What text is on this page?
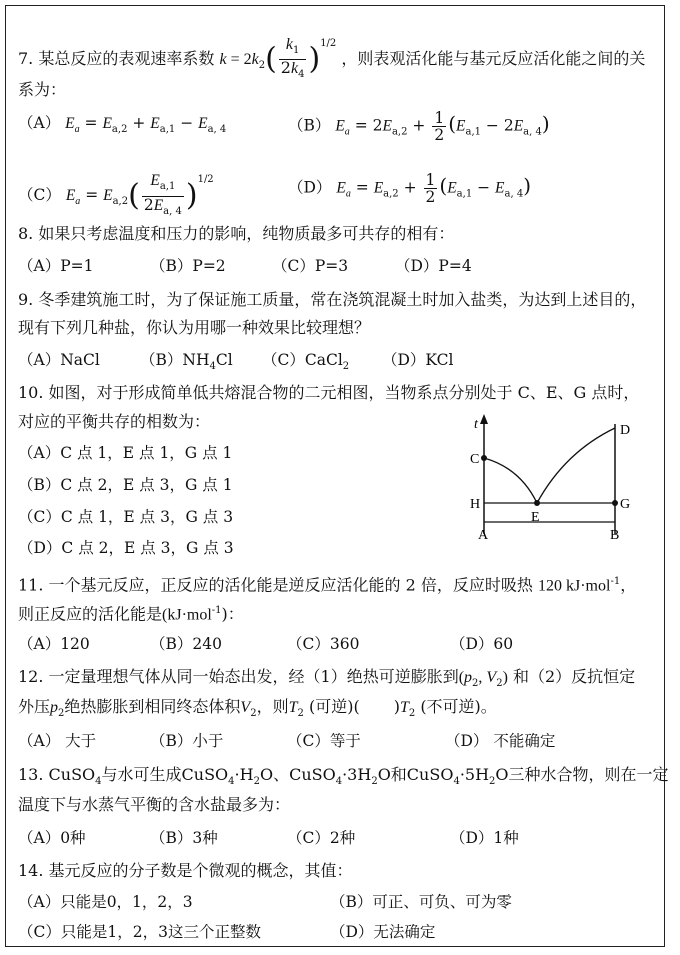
7. 某总反应的表观速率系数 $k = 2k_2( \frac{k_1}{2k_4} )^{1/2}$ ，则表观活化能与基元反应活化能之间的关
系为：
（A） $E_a = E_{a,2} + E_{a,1} - E_{a, 4}$	（B） $E_a = 2E_{a,2} + \frac{1}{2} (E_{a,1} - 2E_{a, 4})$
（C） $E_a = E_{a,2}( \frac{E_{a,1}}{2E_{a, 4}} )^{1/2}$	（D） $E_a = E_{a,2} + \frac{1}{2} (E_{a,1} - E_{a, 4})$
8. 如果只考虑温度和压力的影响，纯物质最多可共存的相有：
（A）P=1	（B）P=2	（C）P=3	（D）P=4
9. 冬季建筑施工时，为了保证施工质量，常在浇筑混凝土时加入盐类，为达到上述目的，
现有下列几种盐，你认为用哪一种效果比较理想？
（A）NaCl	$(B)NH_4Cl$ （C）CaCl$_2$ （D）KCl
10. 如图，对于形成简单低共熔混合物的二元相图，当物系点分别处于 C、E、G 点时，
对应的平衡共存的相数为：
（A）C 点 1，E 点 1，G 点 1
（B）C 点 2，E 点 3，G 点 1
（C）C 点 1，E 点 3，G 点 3
（D）C 点 2，E 点 3，G 点 3
t
C
D
H
E
G
A	B
11. 一个基元反应，正反应的活化能是逆反应活化能的 2 倍，反应时吸热 120 kJ·mol$^{-1}$，
则正反应的活化能是(kJ·mol$^{-1}$)：
（A）120	（B）240	（C）360	（D）60
12. 一定量理想气体从同一始态出发，经（1）绝热可逆膨胀到($p_2$, $V_2$) 和（2）反抗恒定
外压$p_2$绝热膨胀到相同终态体积$V_2$，则$T_2$ (可逆)( )$T_2$ (不可逆)。
（A） 大于	（B）小于	（C）等于	（D） 不能确定
13. CuSO$_4$与水可生成$CuSO_4\cdot H_2O$、$CuSO_4\cdot 3H_2O$和$CuSO_4\cdot 5H_2O$三种水合物，则在一定
温度下与水蒸气平衡的含水盐最多为：
（A）0种	（B）3种	（C）2种	（D）1种
14. 基元反应的分子数是个微观的概念，其值：
（A）只能是0，1，2，3	（B）可正、可负、可为零
（C）只能是1，2，3这三个正整数	（D）无法确定
